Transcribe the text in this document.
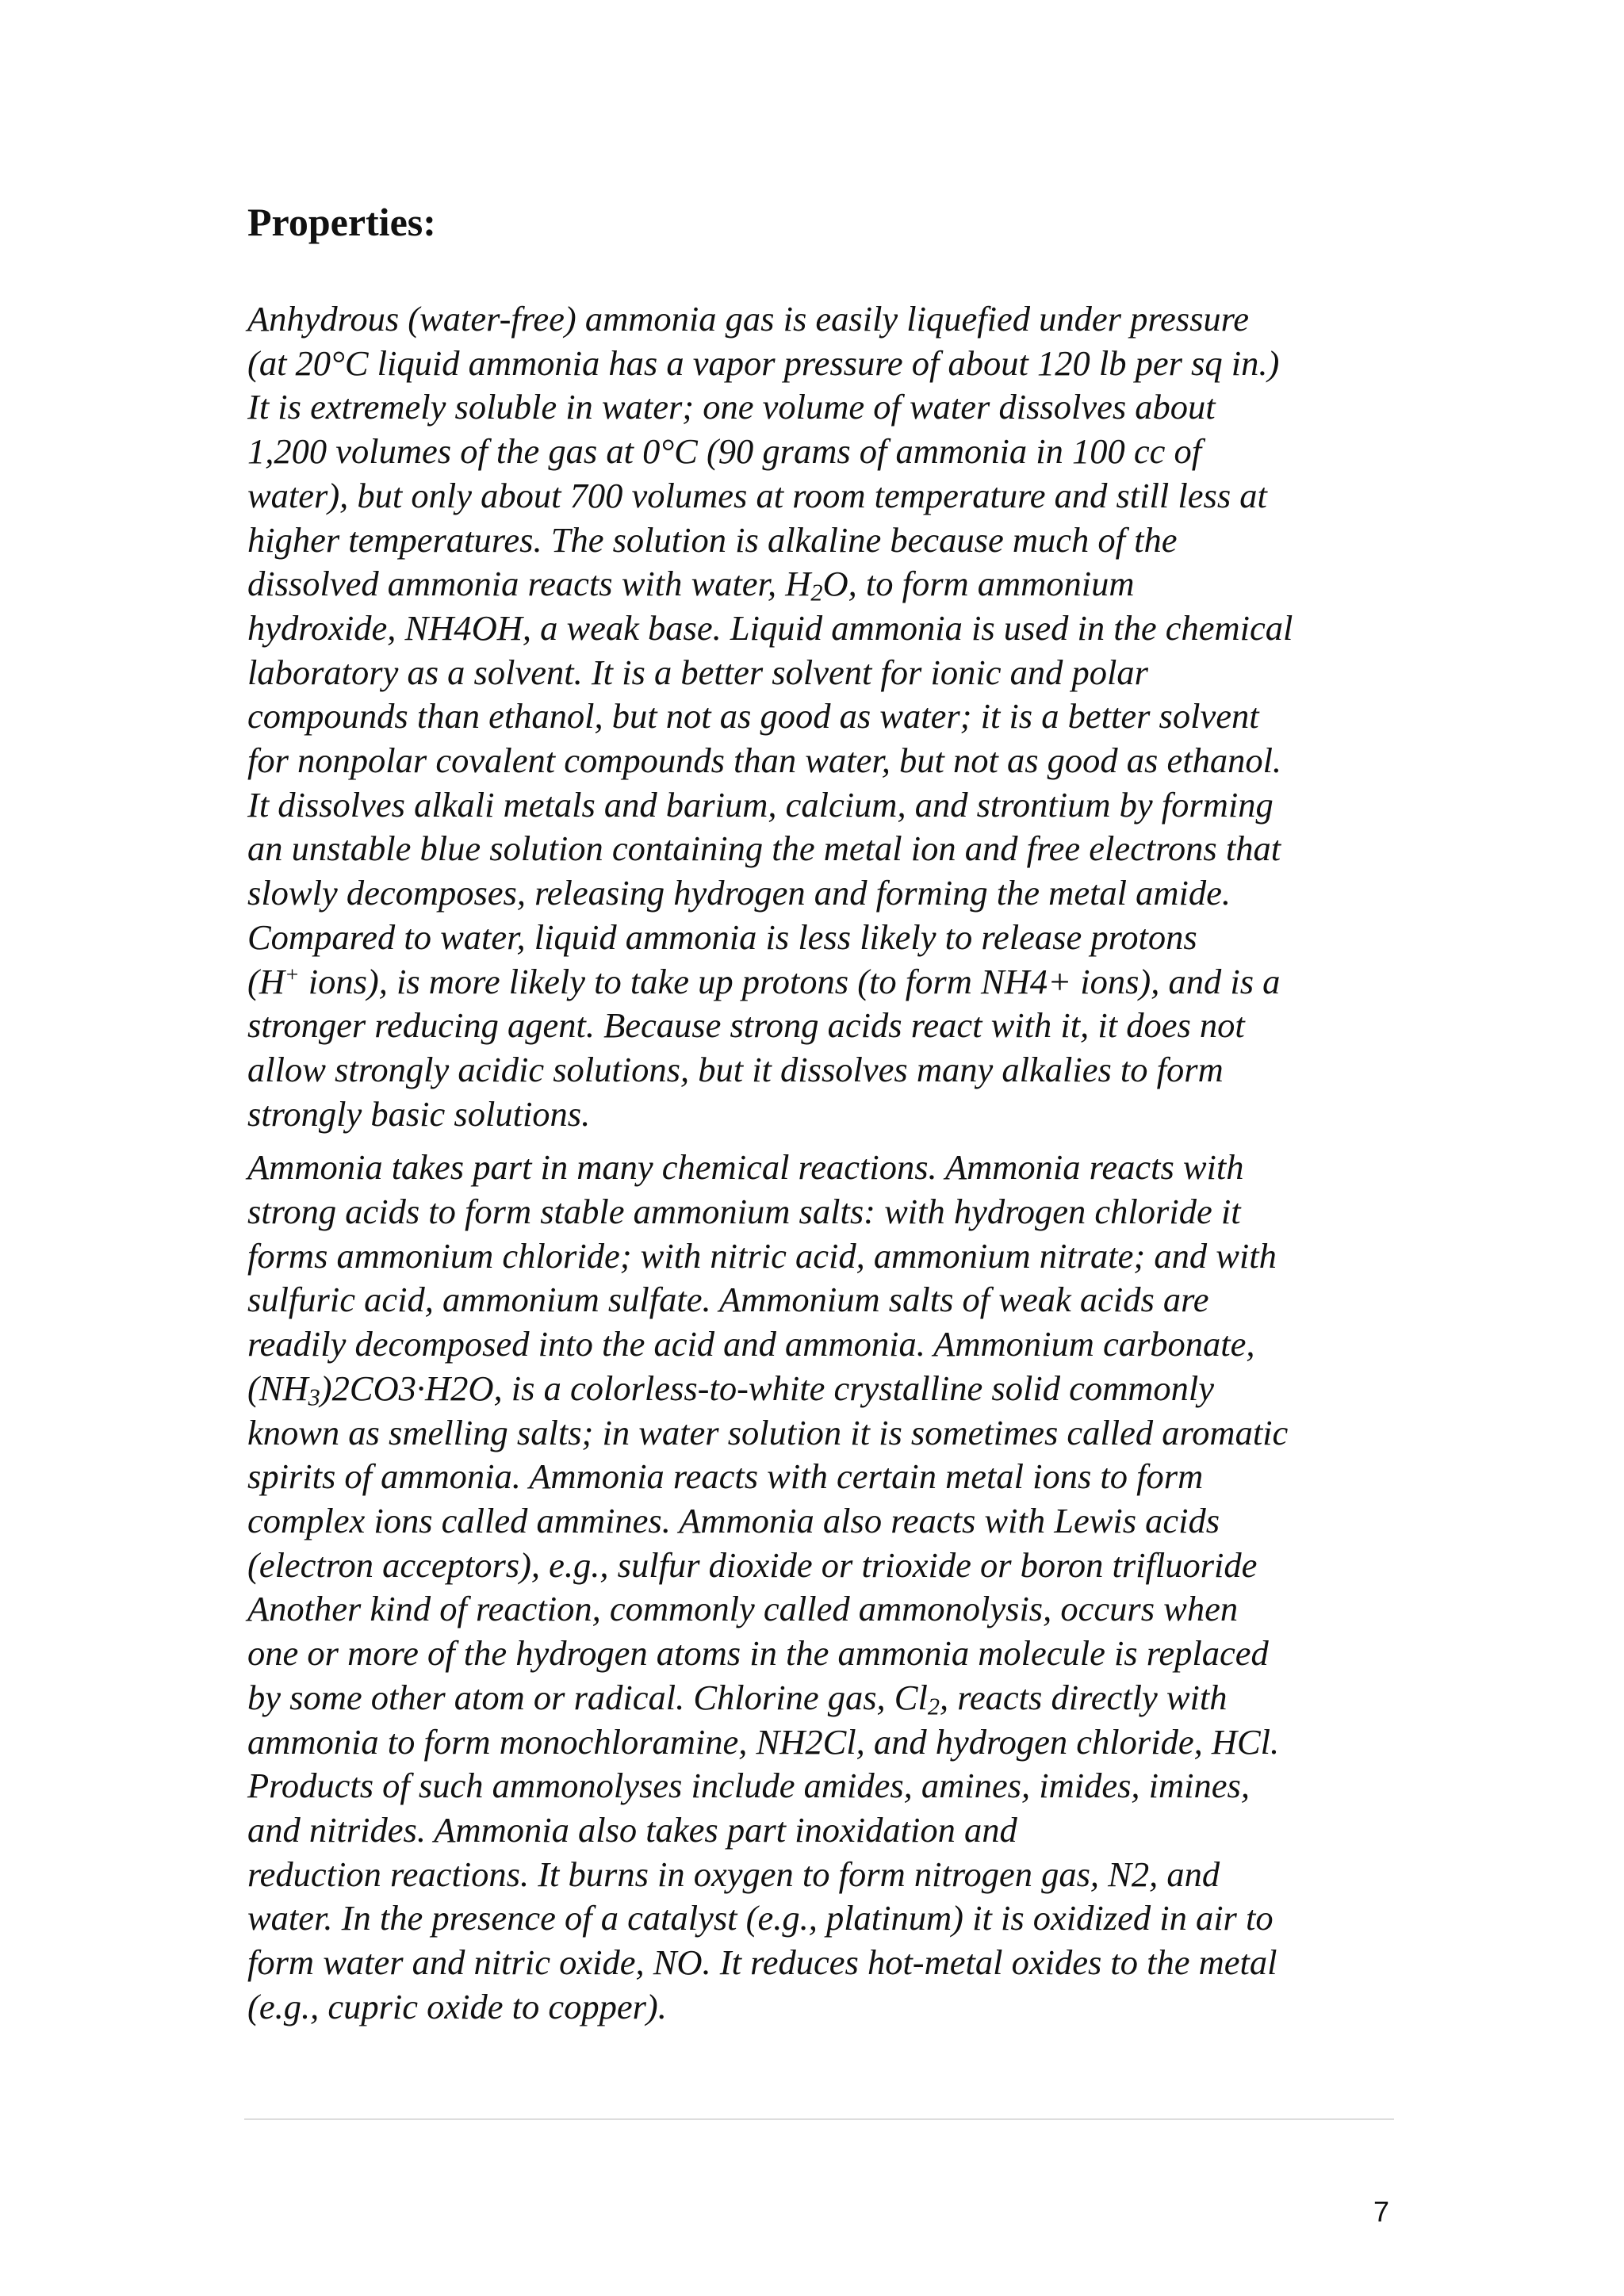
Properties:

Anhydrous (water-free) ammonia gas is easily liquefied under pressure
(at 20°C liquid ammonia has a vapor pressure of about 120 lb per sq in.)
It is extremely soluble in water; one volume of water dissolves about
1,200 volumes of the gas at 0°C (90 grams of ammonia in 100 cc of
water), but only about 700 volumes at room temperature and still less at
higher temperatures. The solution is alkaline because much of the
dissolved ammonia reacts with water, $H_2O$, to form ammonium
hydroxide, NH4OH, a weak base. Liquid ammonia is used in the chemical
laboratory as a solvent. It is a better solvent for ionic and polar
compounds than ethanol, but not as good as water; it is a better solvent
for nonpolar covalent compounds than water, but not as good as ethanol.
It dissolves alkali metals and barium, calcium, and strontium by forming
an unstable blue solution containing the metal ion and free electrons that
slowly decomposes, releasing hydrogen and forming the metal amide.
Compared to water, liquid ammonia is less likely to release protons
(H+ ions), is more likely to take up protons (to form NH4+ ions), and is a
stronger reducing agent. Because strong acids react with it, it does not
allow strongly acidic solutions, but it dissolves many alkalies to form
strongly basic solutions.

Ammonia takes part in many chemical reactions. Ammonia reacts with
strong acids to form stable ammonium salts: with hydrogen chloride it
forms ammonium chloride; with nitric acid, ammonium nitrate; and with
sulfuric acid, ammonium sulfate. Ammonium salts of weak acids are
readily decomposed into the acid and ammonia. Ammonium carbonate,
$(NH_3)2CO3\cdot H2O$, is a colorless-to-white crystalline solid commonly
known as smelling salts; in water solution it is sometimes called aromatic
spirits of ammonia. Ammonia reacts with certain metal ions to form
complex ions called ammines. Ammonia also reacts with Lewis acids
(electron acceptors), e.g., sulfur dioxide or trioxide or boron trifluoride
Another kind of reaction, commonly called ammonolysis, occurs when
one or more of the hydrogen atoms in the ammonia molecule is replaced
by some other atom or radical. Chlorine gas, $Cl_2$, reacts directly with
ammonia to form monochloramine, NH2Cl, and hydrogen chloride, HCl.
Products of such ammonolyses include amides, amines, imides, imines,
and nitrides. Ammonia also takes part inoxidation and
reduction reactions. It burns in oxygen to form nitrogen gas, N2, and
water. In the presence of a catalyst (e.g., platinum) it is oxidized in air to
form water and nitric oxide, NO. It reduces hot-metal oxides to the metal
(e.g., cupric oxide to copper).

7
